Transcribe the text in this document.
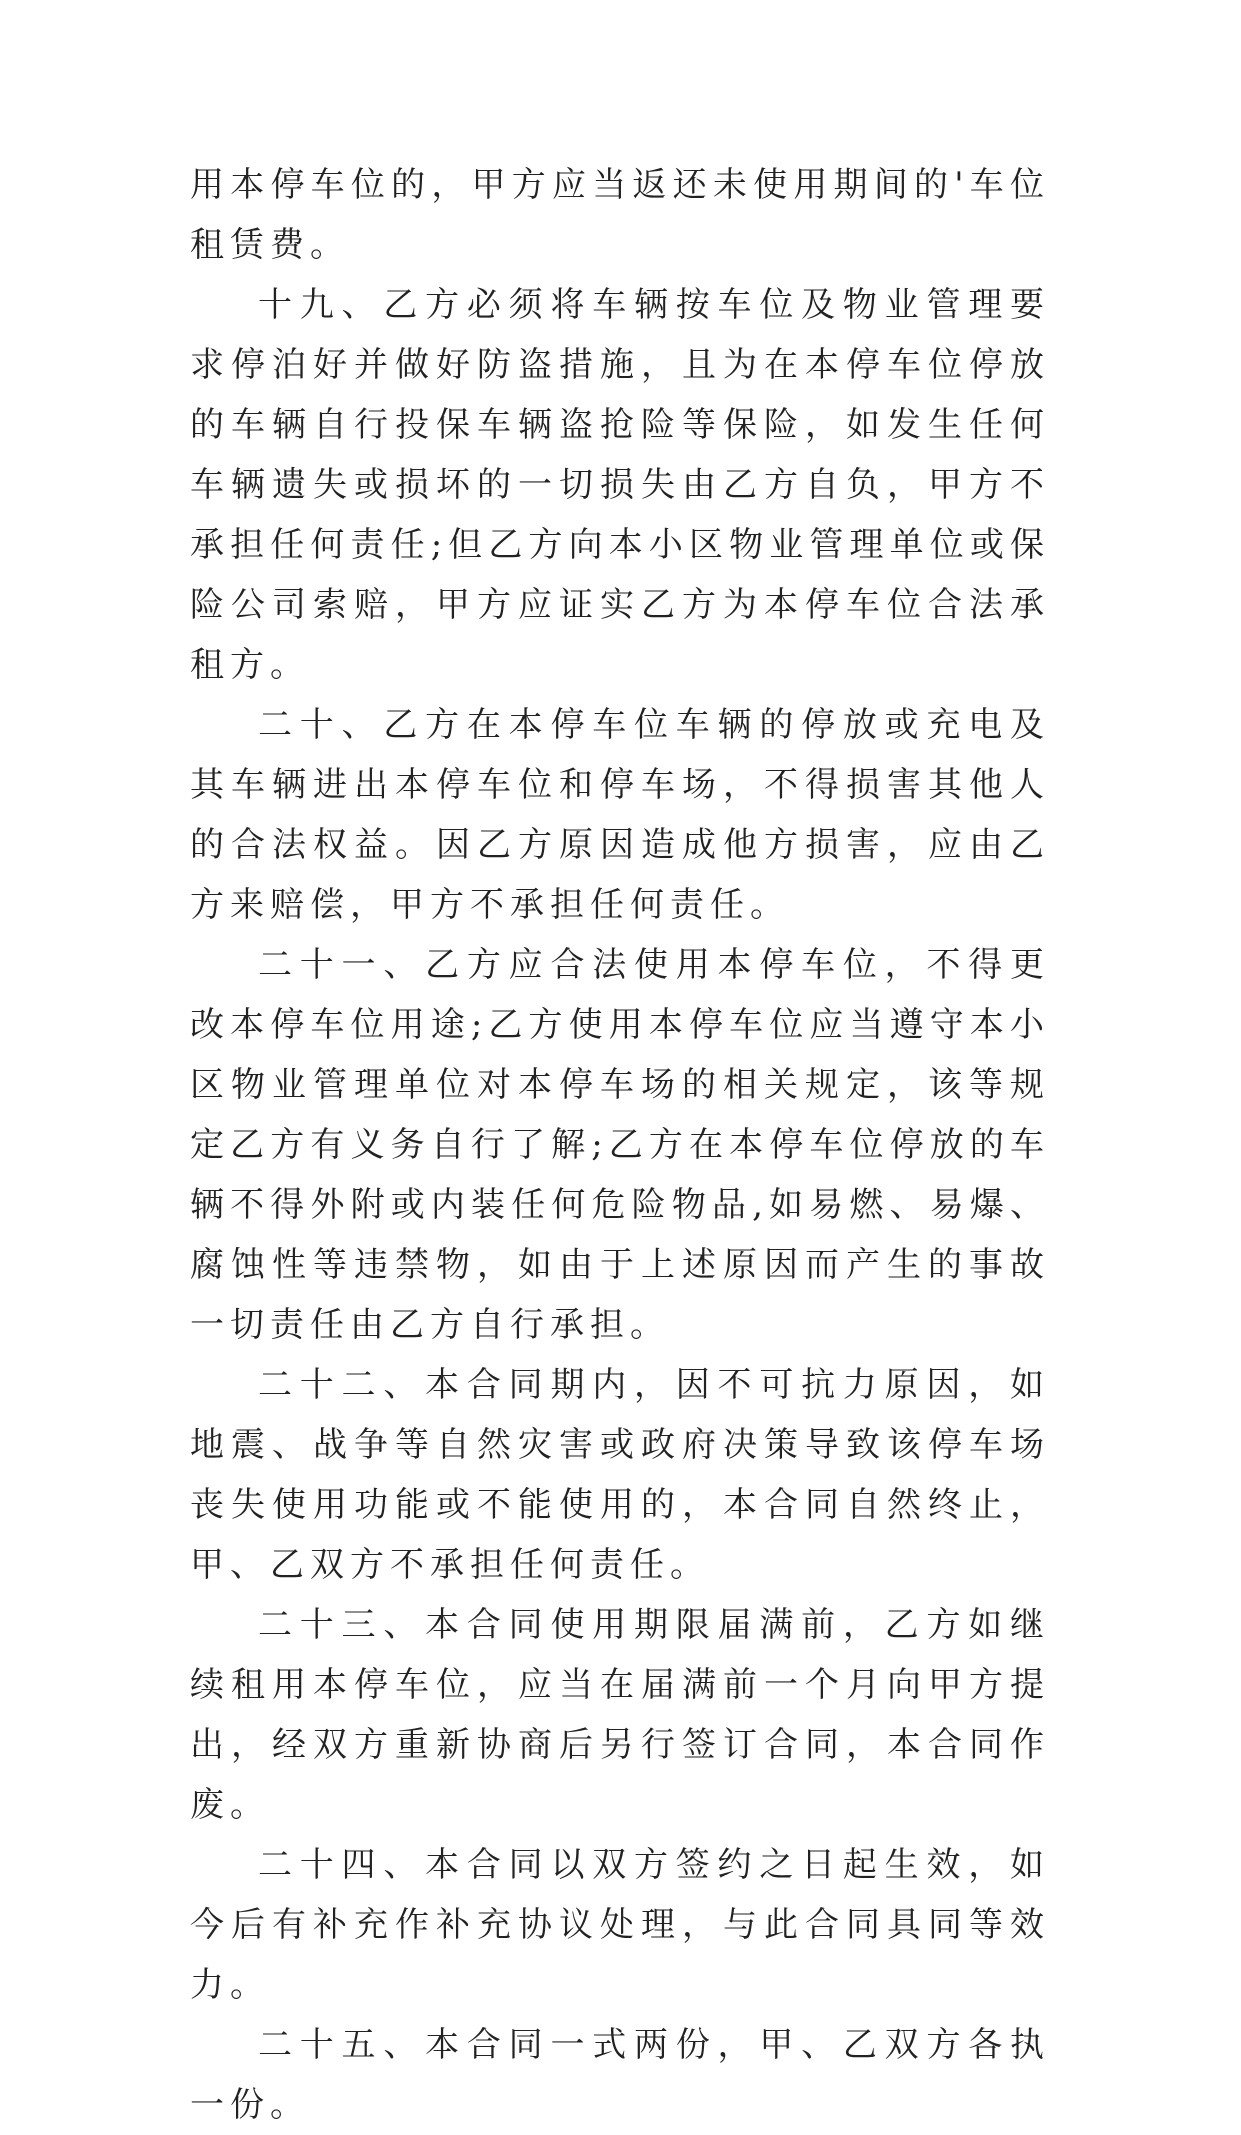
用本停车位的，甲方应当返还未使用期间的'车位租赁费。

十九、乙方必须将车辆按车位及物业管理要求停泊好并做好防盗措施，且为在本停车位停放的车辆自行投保车辆盗抢险等保险，如发生任何车辆遗失或损坏的一切损失由乙方自负，甲方不承担任何责任;但乙方向本小区物业管理单位或保险公司索赔，甲方应证实乙方为本停车位合法承租方。

二十、乙方在本停车位车辆的停放或充电及其车辆进出本停车位和停车场，不得损害其他人的合法权益。因乙方原因造成他方损害，应由乙方来赔偿，甲方不承担任何责任。

二十一、乙方应合法使用本停车位，不得更改本停车位用途;乙方使用本停车位应当遵守本小区物业管理单位对本停车场的相关规定，该等规定乙方有义务自行了解;乙方在本停车位停放的车辆不得外附或内装任何危险物品,如易燃、易爆、腐蚀性等违禁物，如由于上述原因而产生的事故一切责任由乙方自行承担。

二十二、本合同期内，因不可抗力原因，如地震、战争等自然灾害或政府决策导致该停车场丧失使用功能或不能使用的，本合同自然终止，甲、乙双方不承担任何责任。

二十三、本合同使用期限届满前，乙方如继续租用本停车位，应当在届满前一个月向甲方提出，经双方重新协商后另行签订合同，本合同作废。

二十四、本合同以双方签约之日起生效，如今后有补充作补充协议处理，与此合同具同等效力。

二十五、本合同一式两份，甲、乙双方各执一份。
